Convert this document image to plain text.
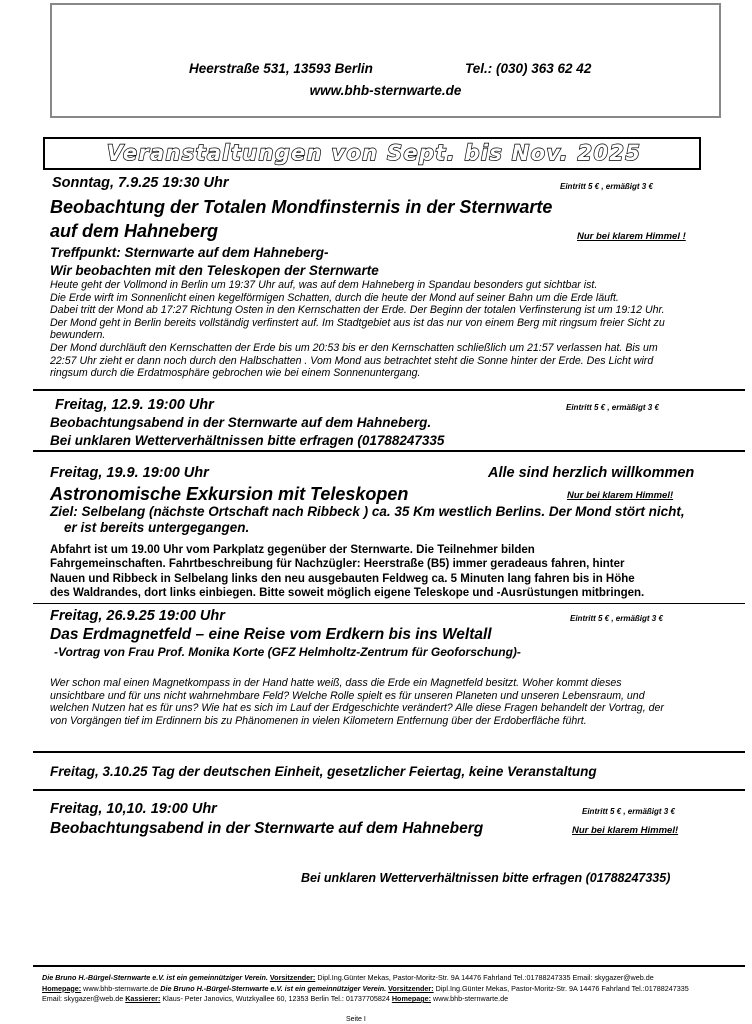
Heerstraße 531, 13593 Berlin	Tel.: (030) 363 62 42
www.bhb-sternwarte.de
Veranstaltungen von Sept. bis Nov. 2025
Sonntag, 7.9.25 19:30 Uhr	Eintritt 5 € , ermäßigt 3 €
Beobachtung der Totalen Mondfinsternis in der Sternwarte
auf dem Hahneberg	Nur bei klarem Himmel !
Treffpunkt: Sternwarte auf dem Hahneberg-
Wir beobachten mit den Teleskopen der Sternwarte
Heute geht der Vollmond in Berlin um 19:37 Uhr auf, was auf dem Hahneberg in Spandau besonders gut sichtbar ist.
Die Erde wirft im Sonnenlicht einen kegelförmigen Schatten, durch die heute der Mond auf seiner Bahn um die Erde läuft.
Dabei tritt der Mond ab 17:27 Richtung Osten in den Kernschatten der Erde. Der Beginn der totalen Verfinsterung ist um 19:12 Uhr.
Der Mond geht in Berlin bereits vollständig verfinstert auf. Im Stadtgebiet aus ist das nur von einem Berg mit ringsum freier Sicht zu
bewundern.
Der Mond durchläuft den Kernschatten der Erde bis um 20:53 bis er den Kernschatten schließlich um 21:57 verlassen hat. Bis um
22:57 Uhr zieht er dann noch durch den Halbschatten . Vom Mond aus betrachtet steht die Sonne hinter der Erde. Des Licht wird
ringsum durch die Erdatmosphäre gebrochen wie bei einem Sonnenuntergang.
Freitag, 12.9. 19:00 Uhr	Eintritt 5 € , ermäßigt 3 €
Beobachtungsabend in der Sternwarte auf dem Hahneberg.
Bei unklaren Wetterverhältnissen bitte erfragen (01788247335
Freitag, 19.9. 19:00 Uhr	Alle sind herzlich willkommen
Astronomische Exkursion mit Teleskopen	Nur bei klarem Himmel!
Ziel: Selbelang (nächste Ortschaft nach Ribbeck ) ca. 35 Km westlich Berlins. Der Mond stört nicht,
er ist bereits untergegangen.
Abfahrt ist um 19.00 Uhr vom Parkplatz gegenüber der Sternwarte. Die Teilnehmer bilden
Fahrgemeinschaften. Fahrtbeschreibung für Nachzügler: Heerstraße (B5) immer geradeaus fahren, hinter
Nauen und Ribbeck in Selbelang links den neu ausgebauten Feldweg ca. 5 Minuten lang fahren bis in Höhe
des Waldrandes, dort links einbiegen. Bitte soweit möglich eigene Teleskope und -Ausrüstungen mitbringen.
Freitag, 26.9.25 19:00 Uhr	Eintritt 5 € , ermäßigt 3 €
Das Erdmagnetfeld – eine Reise vom Erdkern bis ins Weltall
-Vortrag von Frau Prof. Monika Korte (GFZ Helmholtz-Zentrum für Geoforschung)-
Wer schon mal einen Magnetkompass in der Hand hatte weiß, dass die Erde ein Magnetfeld besitzt. Woher kommt dieses
unsichtbare und für uns nicht wahrnehmbare Feld? Welche Rolle spielt es für unseren Planeten und unseren Lebensraum, und
welchen Nutzen hat es für uns? Wie hat es sich im Lauf der Erdgeschichte verändert? Alle diese Fragen behandelt der Vortrag, der
von Vorgängen tief im Erdinnern bis zu Phänomenen in vielen Kilometern Entfernung über der Erdoberfläche führt.
Freitag, 3.10.25 Tag der deutschen Einheit, gesetzlicher Feiertag, keine Veranstaltung
Freitag, 10,10. 19:00 Uhr	Eintritt 5 € , ermäßigt 3 €
Beobachtungsabend in der Sternwarte auf dem Hahneberg	Nur bei klarem Himmel!
Bei unklaren Wetterverhältnissen bitte erfragen (01788247335)
Die Bruno H.-Bürgel-Sternwarte e.V. ist ein gemeinnütziger Verein. Vorsitzender: Dipl.Ing.Günter Mekas, Pastor-Moritz-Str. 9A 14476 Fahrland Tel.:01788247335 Email: skygazer@web.de
Homepage: www.bhb-sternwarte.de Die Bruno H.-Bürgel-Sternwarte e.V. ist ein gemeinnütziger Verein. Vorsitzender: Dipl.Ing.Günter Mekas, Pastor-Moritz-Str. 9A 14476 Fahrland Tel.:01788247335
Email: skygazer@web.de Kassierer: Klaus- Peter Janovics, Wutzkyallee 60, 12353 Berlin Tel.: 01737705824 Homepage: www.bhb-sternwarte.de
Seite I
